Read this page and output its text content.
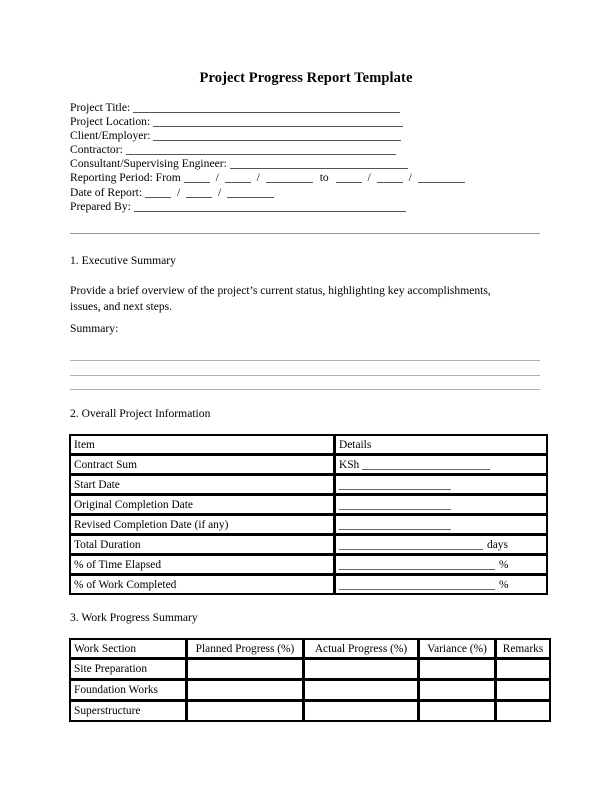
Project Progress Report Template
Project Title:
Project Location:
Client/Employer:
Contractor:
Consultant/Supervising Engineer:
Reporting Period: From	/	/	to	/	/
Date of Report:	/	/
Prepared By:
1. Executive Summary
Provide a brief overview of the project’s current status, highlighting key accomplishments, issues, and next steps.
Summary:
2. Overall Project Information
Item	Details
Contract Sum	KSh
Start Date	
Original Completion Date	
Revised Completion Date (if any)	
Total Duration	days
% of Time Elapsed	%
% of Work Completed	%
3. Work Progress Summary
Work Section	Planned Progress (%)	Actual Progress (%)	Variance (%)	Remarks
Site Preparation				
Foundation Works				
Superstructure				
